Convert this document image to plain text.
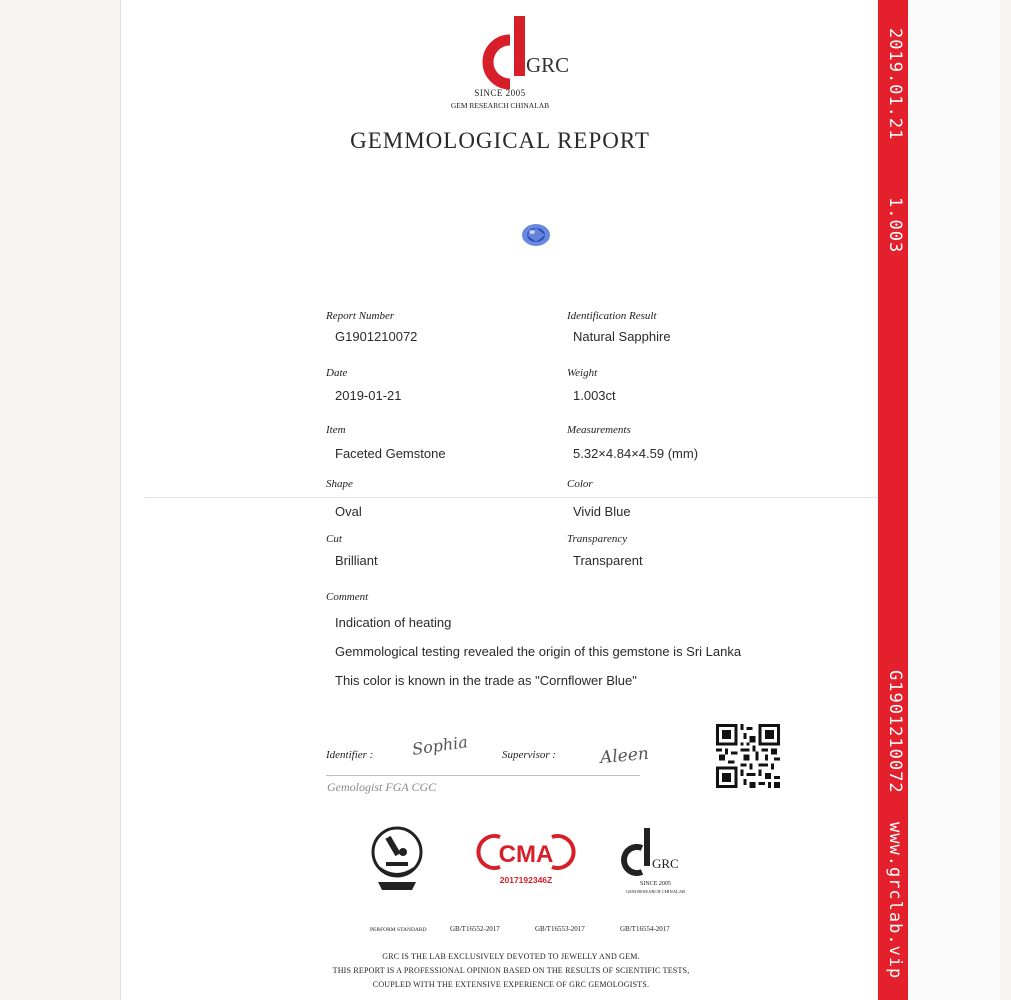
GRC
SINCE 2005
GEM RESEARCH CHINALAB
GEMMOLOGICAL REPORT
Report Number
G1901210072
Identification Result
Natural Sapphire
Date
2019-01-21
Weight
1.003ct
Item
Faceted Gemstone
Measurements
5.32×4.84×4.59 (mm)
Shape
Oval
Color
Vivid Blue
Cut
Brilliant
Transparency
Transparent
Comment
Indication of heating
Gemmological testing revealed the origin of this gemstone is Sri Lanka
This color is known in the trade as "Cornflower Blue"
Identifier : Sophia	Supervisor :	Aleen
Gemologist FGA CGC
CMA
2017192346Z
GRC
SINCE 2005
GEM RESEARCH CHINALAB
PERFORM STANDARD	GB/T16552-2017	GB/T16553-2017	GB/T16554-2017
GRC IS THE LAB EXCLUSIVELY DEVOTED TO JEWELLY AND GEM.
THIS REPORT IS A PROFESSIONAL OPINION BASED ON THE RESULTS OF SCIENTIFIC TESTS,
COUPLED WITH THE EXTENSIVE EXPERIENCE OF GRC GEMOLOGISTS.
2019.01.21
1.003
G1901210072
www.grclab.vip
